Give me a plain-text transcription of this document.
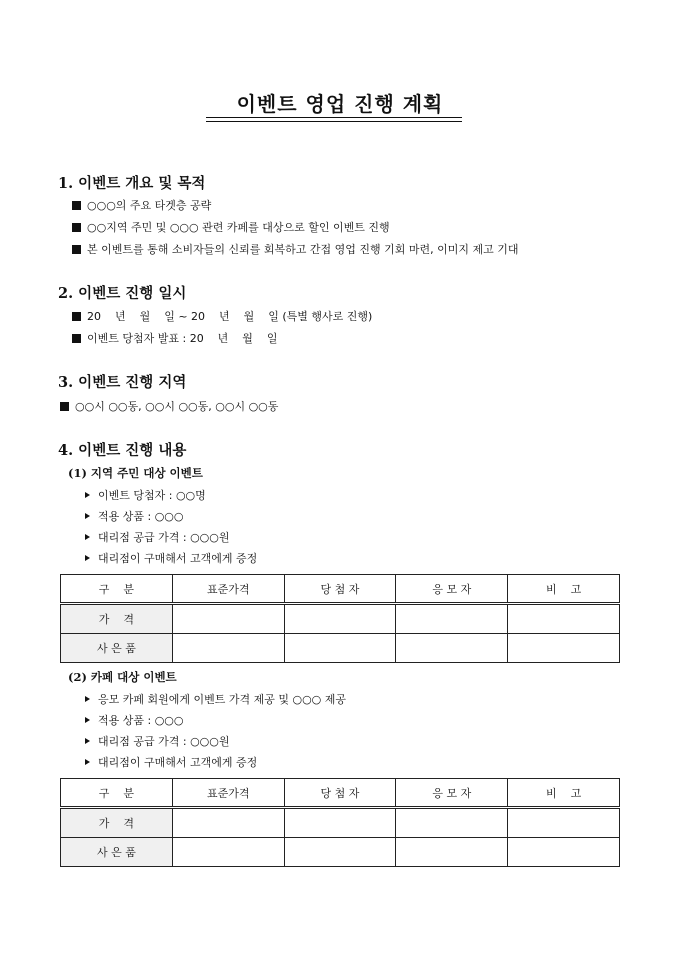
이벤트 영업 진행 계획
1. 이벤트 개요 및 목적
○○○의 주요 타겟층 공략
○○지역 주민 및 ○○○ 관련 카페를 대상으로 할인 이벤트 진행
본 이벤트를 통해 소비자들의 신뢰를 회복하고 간접 영업 진행 기회 마련, 이미지 제고 기대
2. 이벤트 진행 일시
20    년    월    일 ~ 20    년    월    일 (특별 행사로 진행)
이벤트 당첨자 발표 : 20    년    월    일
3. 이벤트 진행 지역
○○시 ○○동, ○○시 ○○동, ○○시 ○○동
4. 이벤트 진행 내용
(1) 지역 주민 대상 이벤트
이벤트 당첨자 : ○○명
적용 상품 : ○○○
대리점 공급 가격 : ○○○원
대리점이 구매해서 고객에게 증정
구    분	표준가격	당 첨 자	응 모 자	비    고
가    격				
사 은 품				
(2) 카페 대상 이벤트
응모 카페 회원에게 이벤트 가격 제공 및 ○○○ 제공
적용 상품 : ○○○
대리점 공급 가격 : ○○○원
대리점이 구매해서 고객에게 증정
구    분	표준가격	당 첨 자	응 모 자	비    고
가    격				
사 은 품				
